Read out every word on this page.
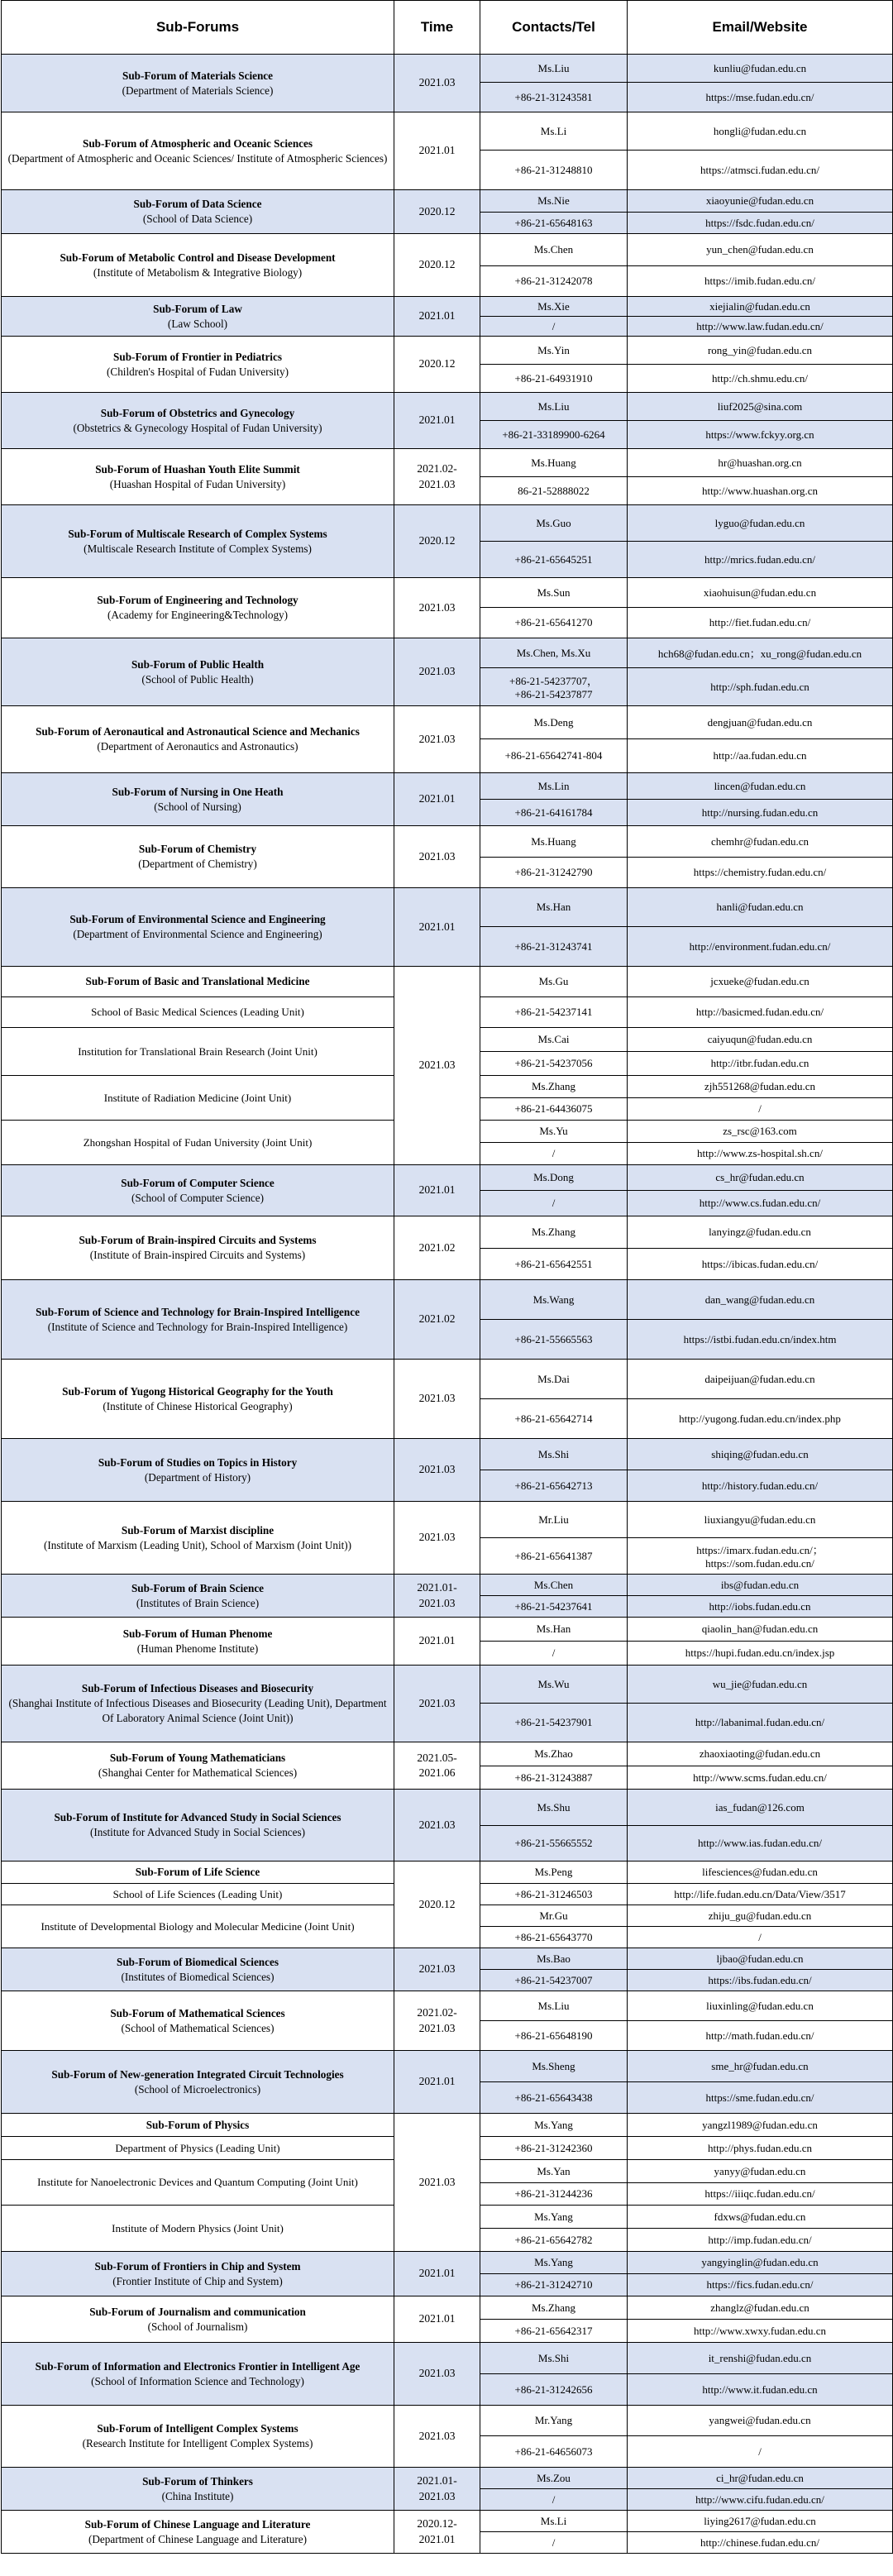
Sub-Forums	Time	Contacts/Tel	Email/Website

Sub-Forum of Materials Science
(Department of Materials Science)	2021.03	Ms.Liu	kunliu@fudan.edu.cn
		+86-21-31243581	https://mse.fudan.edu.cn/

Sub-Forum of Atmospheric and Oceanic Sciences
(Department of Atmospheric and Oceanic Sciences/ Institute of Atmospheric Sciences)	2021.01	Ms.Li	hongli@fudan.edu.cn
		+86-21-31248810	https://atmsci.fudan.edu.cn/

Sub-Forum of Data Science
(School of Data Science)	2020.12	Ms.Nie	xiaoyunie@fudan.edu.cn
		+86-21-65648163	https://fsdc.fudan.edu.cn/

Sub-Forum of Metabolic Control and Disease Development
(Institute of Metabolism & Integrative Biology)	2020.12	Ms.Chen	yun_chen@fudan.edu.cn
		+86-21-31242078	https://imib.fudan.edu.cn/

Sub-Forum of Law
(Law School)	2021.01	Ms.Xie	xiejialin@fudan.edu.cn
		/	http://www.law.fudan.edu.cn/

Sub-Forum of Frontier in Pediatrics
(Children's Hospital of Fudan University)	2020.12	Ms.Yin	rong_yin@fudan.edu.cn
		+86-21-64931910	http://ch.shmu.edu.cn/

Sub-Forum of Obstetrics and Gynecology
(Obstetrics & Gynecology Hospital of Fudan University)	2021.01	Ms.Liu	liuf2025@sina.com
		+86-21-33189900-6264	https://www.fckyy.org.cn

Sub-Forum of Huashan Youth Elite Summit
(Huashan Hospital of Fudan University)	2021.02-
2021.03	Ms.Huang	hr@huashan.org.cn
		86-21-52888022	http://www.huashan.org.cn

Sub-Forum of Multiscale Research of Complex Systems
(Multiscale Research Institute of Complex Systems)	2020.12	Ms.Guo	lyguo@fudan.edu.cn
		+86-21-65645251	http://mrics.fudan.edu.cn/

Sub-Forum of Engineering and Technology
(Academy for Engineering&Technology)	2021.03	Ms.Sun	xiaohuisun@fudan.edu.cn
		+86-21-65641270	http://fiet.fudan.edu.cn/

Sub-Forum of Public Health
(School of Public Health)	2021.03	Ms.Chen, Ms.Xu	hch68@fudan.edu.cn；xu_rong@fudan.edu.cn
		+86-21-54237707，
+86-21-54237877	http://sph.fudan.edu.cn

Sub-Forum of Aeronautical and Astronautical Science and Mechanics
(Department of Aeronautics and Astronautics)	2021.03	Ms.Deng	dengjuan@fudan.edu.cn
		+86-21-65642741-804	http://aa.fudan.edu.cn

Sub-Forum of Nursing in One Heath
(School of Nursing)	2021.01	Ms.Lin	lincen@fudan.edu.cn
		+86-21-64161784	http://nursing.fudan.edu.cn

Sub-Forum of Chemistry
(Department of Chemistry)	2021.03	Ms.Huang	chemhr@fudan.edu.cn
		+86-21-31242790	https://chemistry.fudan.edu.cn/

Sub-Forum of Environmental Science and Engineering
(Department of Environmental Science and Engineering)	2021.01	Ms.Han	hanli@fudan.edu.cn
		+86-21-31243741	http://environment.fudan.edu.cn/

Sub-Forum of Basic and Translational Medicine	2021.03	Ms.Gu	jcxueke@fudan.edu.cn
School of Basic Medical Sciences (Leading Unit)		+86-21-54237141	http://basicmed.fudan.edu.cn/
Institution for Translational Brain Research (Joint Unit)		Ms.Cai	caiyuqun@fudan.edu.cn
		+86-21-54237056	http://itbr.fudan.edu.cn
Institute of Radiation Medicine (Joint Unit)		Ms.Zhang	zjh551268@fudan.edu.cn
		+86-21-64436075	/
Zhongshan Hospital of Fudan University (Joint Unit)		Ms.Yu	zs_rsc@163.com
		/	http://www.zs-hospital.sh.cn/

Sub-Forum of Computer Science
(School of Computer Science)	2021.01	Ms.Dong	cs_hr@fudan.edu.cn
		/	http://www.cs.fudan.edu.cn/

Sub-Forum of Brain-inspired Circuits and Systems
(Institute of Brain-inspired Circuits and Systems)	2021.02	Ms.Zhang	lanyingz@fudan.edu.cn
		+86-21-65642551	https://ibicas.fudan.edu.cn/

Sub-Forum of Science and Technology for Brain-Inspired Intelligence
(Institute of Science and Technology for Brain-Inspired Intelligence)	2021.02	Ms.Wang	dan_wang@fudan.edu.cn
		+86-21-55665563	https://istbi.fudan.edu.cn/index.htm

Sub-Forum of Yugong Historical Geography for the Youth
(Institute of Chinese Historical Geography)	2021.03	Ms.Dai	daipeijuan@fudan.edu.cn
		+86-21-65642714	http://yugong.fudan.edu.cn/index.php

Sub-Forum of Studies on Topics in History
(Department of History)	2021.03	Ms.Shi	shiqing@fudan.edu.cn
		+86-21-65642713	http://history.fudan.edu.cn/

Sub-Forum of Marxist discipline
(Institute of Marxism (Leading Unit), School of Marxism (Joint Unit))	2021.03	Mr.Liu	liuxiangyu@fudan.edu.cn
		+86-21-65641387	https://imarx.fudan.edu.cn/；
https://som.fudan.edu.cn/

Sub-Forum of Brain Science
(Institutes of Brain Science)	2021.01-
2021.03	Ms.Chen	ibs@fudan.edu.cn
		+86-21-54237641	http://iobs.fudan.edu.cn

Sub-Forum of Human Phenome
(Human Phenome Institute)	2021.01	Ms.Han	qiaolin_han@fudan.edu.cn
		/	https://hupi.fudan.edu.cn/index.jsp

Sub-Forum of Infectious Diseases and Biosecurity
(Shanghai Institute of Infectious Diseases and Biosecurity (Leading Unit), Department Of Laboratory Animal Science (Joint Unit))	2021.03	Ms.Wu	wu_jie@fudan.edu.cn
		+86-21-54237901	http://labanimal.fudan.edu.cn/

Sub-Forum of Young Mathematicians
(Shanghai Center for Mathematical Sciences)	2021.05-
2021.06	Ms.Zhao	zhaoxiaoting@fudan.edu.cn
		+86-21-31243887	http://www.scms.fudan.edu.cn/

Sub-Forum of Institute for Advanced Study in Social Sciences
(Institute for Advanced Study in Social Sciences)	2021.03	Ms.Shu	ias_fudan@126.com
		+86-21-55665552	http://www.ias.fudan.edu.cn/

Sub-Forum of Life Science	2020.12	Ms.Peng	lifesciences@fudan.edu.cn
School of Life Sciences (Leading Unit)		+86-21-31246503	http://life.fudan.edu.cn/Data/View/3517
Institute of Developmental Biology and Molecular Medicine (Joint Unit)		Mr.Gu	zhiju_gu@fudan.edu.cn
		+86-21-65643770	/

Sub-Forum of Biomedical Sciences
(Institutes of Biomedical Sciences)	2021.03	Ms.Bao	ljbao@fudan.edu.cn
		+86-21-54237007	https://ibs.fudan.edu.cn/

Sub-Forum of Mathematical Sciences
(School of Mathematical Sciences)	2021.02-
2021.03	Ms.Liu	liuxinling@fudan.edu.cn
		+86-21-65648190	http://math.fudan.edu.cn/

Sub-Forum of New-generation Integrated Circuit Technologies
(School of Microelectronics)	2021.01	Ms.Sheng	sme_hr@fudan.edu.cn
		+86-21-65643438	https://sme.fudan.edu.cn/

Sub-Forum of Physics	2021.03	Ms.Yang	yangzl1989@fudan.edu.cn
Department of Physics (Leading Unit)		+86-21-31242360	http://phys.fudan.edu.cn
Institute for Nanoelectronic Devices and Quantum Computing (Joint Unit)		Ms.Yan	yanyy@fudan.edu.cn
		+86-21-31244236	https://iiiqc.fudan.edu.cn/
Institute of Modern Physics (Joint Unit)		Ms.Yang	fdxws@fudan.edu.cn
		+86-21-65642782	http://imp.fudan.edu.cn/

Sub-Forum of Frontiers in Chip and System
(Frontier Institute of Chip and System)	2021.01	Ms.Yang	yangyinglin@fudan.edu.cn
		+86-21-31242710	https://fics.fudan.edu.cn/

Sub-Forum of Journalism and communication
(School of Journalism)	2021.01	Ms.Zhang	zhanglz@fudan.edu.cn
		+86-21-65642317	http://www.xwxy.fudan.edu.cn

Sub-Forum of Information and Electronics Frontier in Intelligent Age
(School of Information Science and Technology)	2021.03	Ms.Shi	it_renshi@fudan.edu.cn
		+86-21-31242656	http://www.it.fudan.edu.cn

Sub-Forum of Intelligent Complex Systems
(Research Institute for Intelligent Complex Systems)	2021.03	Mr.Yang	yangwei@fudan.edu.cn
		+86-21-64656073	/

Sub-Forum of Thinkers
(China Institute)	2021.01-
2021.03	Ms.Zou	ci_hr@fudan.edu.cn
		/	http://www.cifu.fudan.edu.cn/

Sub-Forum of Chinese Language and Literature
(Department of Chinese Language and Literature)	2020.12-
2021.01	Ms.Li	liying2617@fudan.edu.cn
		/	http://chinese.fudan.edu.cn/
